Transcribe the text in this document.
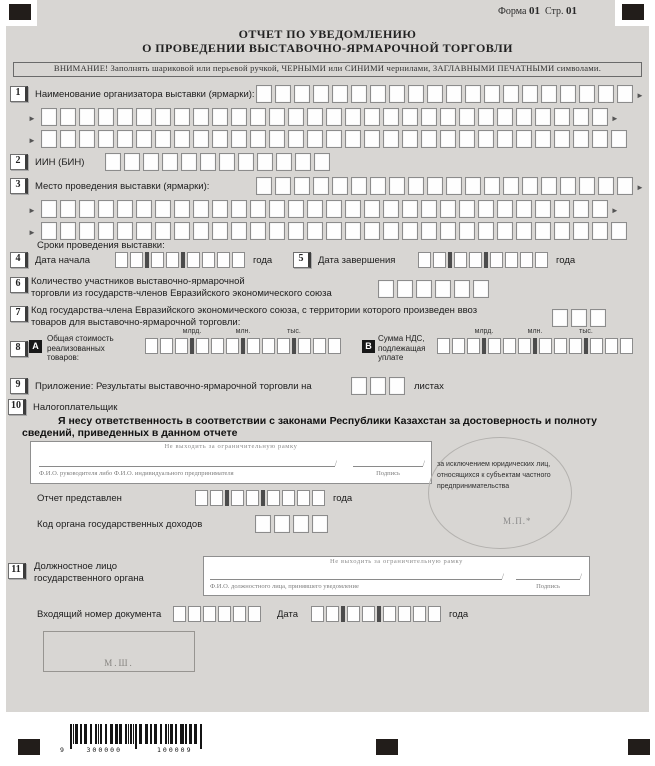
Форма 01 Стр. 01
ОТЧЕТ ПО УВЕДОМЛЕНИЮ
О ПРОВЕДЕНИИ ВЫСТАВОЧНО-ЯРМАРОЧНОЙ ТОРГОВЛИ
ВНИМАНИЕ! Заполнять шариковой или перьевой ручкой, ЧЕРНЫМИ или СИНИМИ чернилами, ЗАГЛАВНЫМИ ПЕЧАТНЫМИ символами.
1	Наименование организатора выставки (ярмарки):
►
►
►
►
2	ИИН (БИН)
3	Место проведения выставки (ярмарки):
►
►
►
►
Сроки проведения выставки:
4	Дата начала	года	5	Дата завершения	года
6	Количество участников выставочно-ярмарочной
торговли из государств-членов Евразийского экономического союза
7	Код государства-члена Евразийского экономического союза, с территории которого произведен ввоз
товаров для выставочно-ярмарочной торговли:
8	A
Общая стоимость реализованных товаров:
млрд.	млн.	тыс.
B
Сумма НДС, подлежащая уплате
млрд.	млн.	тыс.
9	Приложение: Результаты выставочно-ярмарочной торговли на	листах
10	Налогоплательщик
Я несу ответственность в соответствии с законами Республики Казахстан за достоверность и полноту сведений, приведенных в данном отчете
Не выходить за ограничительную рамку
/
Ф.И.О. руководителя либо Ф.И.О. индивидуального предпринимателя
/	Подпись
за исключением юридических лиц, относящихся к субъектам частного предпринимательства
М.П.*
Отчет представлен	года
Код органа государственных доходов
11	Должностное лицо государственного органа
Не выходить за ограничительную рамку
/
Ф.И.О. должностного лица, принявшего уведомление
/	Подпись
Входящий номер документа	Дата	года
М.Ш.
9	300000	100009
